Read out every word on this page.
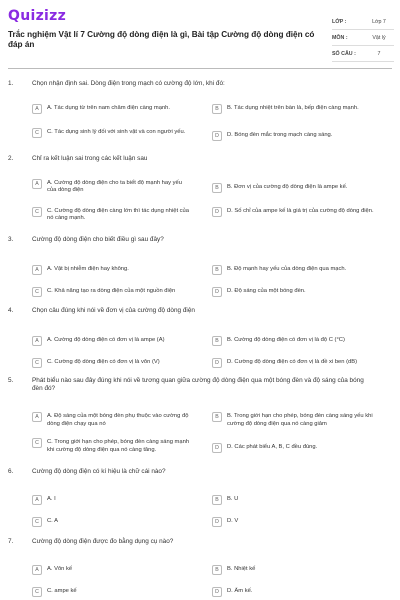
Quizizz
Trắc nghiệm Vật lí 7 Cường độ dòng điện là gì, Bài tập Cường độ dòng điện có đáp án
LỚP :	Lớp 7
MÔN :	Vật lý
SỐ CÂU :	7
1.	Chọn nhận định sai. Dòng điện trong mạch có cường độ lớn, khi đó:
A	A. Tác dụng từ trên nam châm điện càng mạnh.	B	B. Tác dụng nhiệt trên bàn là, bếp điện càng mạnh.
C	C. Tác dụng sinh lý đối với sinh vật và con người yếu.
D	D. Bóng đèn mắc trong mạch càng sáng.
2.	Chỉ ra kết luận sai trong các kết luận sau
A	A. Cường độ dòng điện cho ta biết độ mạnh hay yếu của dòng điện	B	B. Đơn vị của cường độ dòng điện là ampe kế.
C	C. Cường độ dòng điện càng lớn thì tác dụng nhiệt của nó càng mạnh.
D	D. Số chỉ của ampe kế là giá trị của cường độ dòng điện.
3.	Cường độ dòng điện cho biết điều gì sau đây?
A	A. Vật bị nhiễm điện hay không.	B	B. Độ mạnh hay yếu của dòng điện qua mạch.
C	C. Khả năng tạo ra dòng điện của một nguồn điện	D	D. Độ sáng của một bóng đèn.
4.	Chọn câu đúng khi nói về đơn vị của cường độ dòng điện
A	A. Cường độ dòng điện có đơn vị là ampe (A)	B	B. Cường độ dòng điện có đơn vị là độ C (°C)
C	C. Cường độ dòng điện có đơn vị là vôn (V)	D	D. Cường độ dòng điện có đơn vị là đề xi ben (dB)
5.	Phát biểu nào sau đây đúng khi nói về tương quan giữa cường độ dòng điện qua một bóng đèn và độ sáng của bóng đèn đó?
A	A. Độ sáng của một bóng đèn phụ thuộc vào cường độ dòng điện chạy qua nó
B	B. Trong giới hạn cho phép, bóng đèn càng sáng yếu khi cường độ dòng điện qua nó càng giảm
C	C. Trong giới hạn cho phép, bóng đèn càng sáng mạnh khi cường độ dòng điện qua nó càng tăng.	D	D. Các phát biểu A, B, C đều đúng.
6.	Cường độ dòng điện có kí hiệu là chữ cái nào?
A	A. I	B	B. U
C	C. A	D	D. V
7.	Cường độ dòng điện được đo bằng dụng cụ nào?
A	A. Vôn kế	B	B. Nhiệt kế
C	C. ampe kế	D	D. Ẩm kế.
